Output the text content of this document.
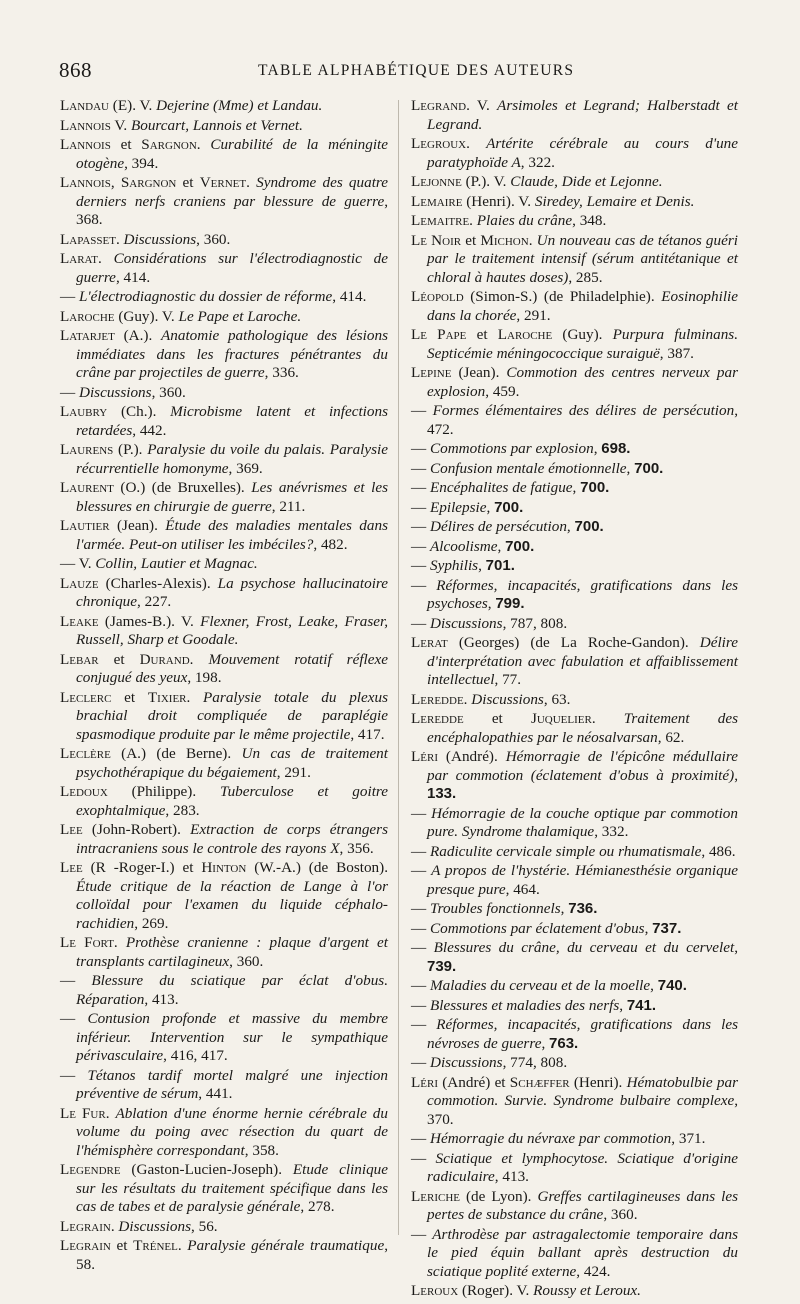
868	TABLE ALPHABÉTIQUE DES AUTEURS

Landau (E). V. Dejerine (Mme) et Landau.

Lannois V. Bourcart, Lannois et Vernet.

Lannois et Sargnon. Curabilité de la méningite otogène, 394.

Lannois, Sargnon et Vernet. Syndrome des quatre derniers nerfs craniens par blessure de guerre, 368.

Lapasset. Discussions, 360.

Larat. Considérations sur l'électrodiagnostic de guerre, 414.

— L'électrodiagnostic du dossier de réforme, 414.

Laroche (Guy). V. Le Pape et Laroche.

Latarjet (A.). Anatomie pathologique des lésions immédiates dans les fractures pénétrantes du crâne par projectiles de guerre, 336.

— Discussions, 360.

Laubry (Ch.). Microbisme latent et infections retardées, 442.

Laurens (P.). Paralysie du voile du palais. Paralysie récurrentielle homonyme, 369.

Laurent (O.) (de Bruxelles). Les anévrismes et les blessures en chirurgie de guerre, 211.

Lautier (Jean). Étude des maladies mentales dans l'armée. Peut-on utiliser les imbéciles?, 482.

— V. Collin, Lautier et Magnac.

Lauze (Charles-Alexis). La psychose hallucinatoire chronique, 227.

Leake (James-B.). V. Flexner, Frost, Leake, Fraser, Russell, Sharp et Goodale.

Lebar et Durand. Mouvement rotatif réflexe conjugué des yeux, 198.

Leclerc et Tixier. Paralysie totale du plexus brachial droit compliquée de paraplégie spasmodique produite par le même projectile, 417.

Leclère (A.) (de Berne). Un cas de traitement psychothérapique du bégaiement, 291.

Ledoux (Philippe). Tuberculose et goitre exophtalmique, 283.

Lee (John-Robert). Extraction de corps étrangers intracraniens sous le controle des rayons X, 356.

Lee (R -Roger-I.) et Hinton (W.-A.) (de Boston). Étude critique de la réaction de Lange à l'or colloïdal pour l'examen du liquide céphalo-rachidien, 269.

Le Fort. Prothèse cranienne : plaque d'argent et transplants cartilagineux, 360.

— Blessure du sciatique par éclat d'obus. Réparation, 413.

— Contusion profonde et massive du membre inférieur. Intervention sur le sympathique périvasculaire, 416, 417.

— Tétanos tardif mortel malgré une injection préventive de sérum, 441.

Le Fur. Ablation d'une énorme hernie cérébrale du volume du poing avec résection du quart de l'hémisphère correspondant, 358.

Legendre (Gaston-Lucien-Joseph). Etude clinique sur les résultats du traitement spécifique dans les cas de tabes et de paralysie générale, 278.

Legrain. Discussions, 56.

Legrain et Trénel. Paralysie générale traumatique, 58.

Legrand. V. Arsimoles et Legrand; Halberstadt et Legrand.

Legroux. Artérite cérébrale au cours d'une paratyphoïde A, 322.

Lejonne (P.). V. Claude, Dide et Lejonne.

Lemaire (Henri). V. Siredey, Lemaire et Denis.

Lemaitre. Plaies du crâne, 348.

Le Noir et Michon. Un nouveau cas de tétanos guéri par le traitement intensif (sérum antitétanique et chloral à hautes doses), 285.

Léopold (Simon-S.) (de Philadelphie). Eosinophilie dans la chorée, 291.

Le Pape et Laroche (Guy). Purpura fulminans. Septicémie méningococcique suraiguë, 387.

Lepine (Jean). Commotion des centres nerveux par explosion, 459.

— Formes élémentaires des délires de persécution, 472.

— Commotions par explosion, 698.

— Confusion mentale émotionnelle, 700.

— Encéphalites de fatigue, 700.

— Epilepsie, 700.

— Délires de persécution, 700.

— Alcoolisme, 700.

— Syphilis, 701.

— Réformes, incapacités, gratifications dans les psychoses, 799.

— Discussions, 787, 808.

Lerat (Georges) (de La Roche-Gandon). Délire d'interprétation avec fabulation et affaiblissement intellectuel, 77.

Leredde. Discussions, 63.

Leredde et Juquelier. Traitement des encéphalopathies par le néosalvarsan, 62.

Léri (André). Hémorragie de l'épicône médullaire par commotion (éclatement d'obus à proximité), 133.

— Hémorragie de la couche optique par commotion pure. Syndrome thalamique, 332.

— Radiculite cervicale simple ou rhumatismale, 486.

— A propos de l'hystérie. Hémianesthésie organique presque pure, 464.

— Troubles fonctionnels, 736.

— Commotions par éclatement d'obus, 737.

— Blessures du crâne, du cerveau et du cervelet, 739.

— Maladies du cerveau et de la moelle, 740.

— Blessures et maladies des nerfs, 741.

— Réformes, incapacités, gratifications dans les névroses de guerre, 763.

— Discussions, 774, 808.

Léri (André) et Schæffer (Henri). Hématobulbie par commotion. Survie. Syndrome bulbaire complexe, 370.

— Hémorragie du névraxe par commotion, 371.

— Sciatique et lymphocytose. Sciatique d'origine radiculaire, 413.

Leriche (de Lyon). Greffes cartilagineuses dans les pertes de substance du crâne, 360.

— Arthrodèse par astragalectomie temporaire dans le pied équin ballant après destruction du sciatique poplité externe, 424.

Leroux (Roger). V. Roussy et Leroux.
